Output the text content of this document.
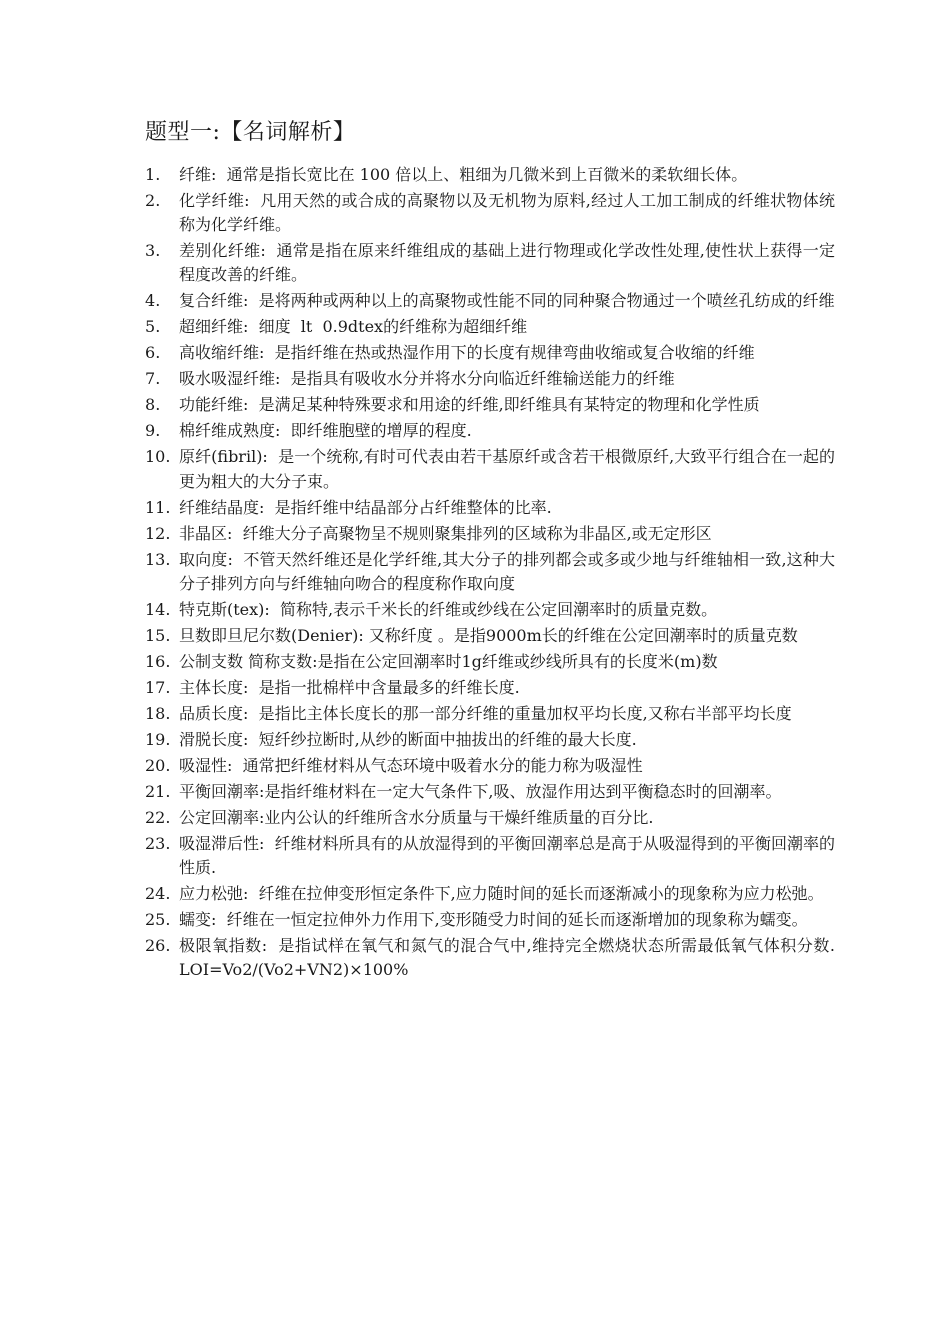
题型一:【名词解析】
1 .	纤维:  通常是指长宽比在 100 倍以上、粗细为几微米到上百微米的柔软细长体。
2 .	化学纤维:  凡用天然的或合成的高聚物以及无机物为原料,经过人工加工制成的纤维状物体统称为化学纤维。
3 .	差别化纤维:  通常是指在原来纤维组成的基础上进行物理或化学改性处理,使性状上获得一定程度改善的纤维。
4 .	复合纤维:  是将两种或两种以上的高聚物或性能不同的同种聚合物通过一个喷丝孔纺成的纤维
5 .	超细纤维:  细度  lt  0.9dtex的纤维称为超细纤维
6 .	高收缩纤维:  是指纤维在热或热湿作用下的长度有规律弯曲收缩或复合收缩的纤维
7 .	吸水吸湿纤维:  是指具有吸收水分并将水分向临近纤维输送能力的纤维
8 .	功能纤维:  是满足某种特殊要求和用途的纤维,即纤维具有某特定的物理和化学性质
9 .	棉纤维成熟度:  即纤维胞壁的增厚的程度.
10 . 原纤(fibril):  是一个统称,有时可代表由若干基原纤或含若干根微原纤,大致平行组合在一起的更为粗大的大分子束。
11 . 纤维结晶度:  是指纤维中结晶部分占纤维整体的比率.
12 . 非晶区:  纤维大分子高聚物呈不规则聚集排列的区域称为非晶区,或无定形区
13 . 取向度:  不管天然纤维还是化学纤维,其大分子的排列都会或多或少地与纤维轴相一致,这种大分子排列方向与纤维轴向吻合的程度称作取向度
14 . 特克斯(tex):  简称特,表示千米长的纤维或纱线在公定回潮率时的质量克数。
15 . 旦数即旦尼尔数(Denier): 又称纤度 。是指9000m长的纤维在公定回潮率时的质量克数
16 . 公制支数 简称支数:是指在公定回潮率时1g纤维或纱线所具有的长度米(m)数
17 . 主体长度:  是指一批棉样中含量最多的纤维长度.
18 . 品质长度:  是指比主体长度长的那一部分纤维的重量加权平均长度,又称右半部平均长度
19 . 滑脱长度:  短纤纱拉断时,从纱的断面中抽拔出的纤维的最大长度.
20 . 吸湿性:  通常把纤维材料从气态环境中吸着水分的能力称为吸湿性
21 . 平衡回潮率:是指纤维材料在一定大气条件下,吸、放湿作用达到平衡稳态时的回潮率。
22 . 公定回潮率:业内公认的纤维所含水分质量与干燥纤维质量的百分比.
23 . 吸湿滞后性:  纤维材料所具有的从放湿得到的平衡回潮率总是高于从吸湿得到的平衡回潮率的性质.
24 . 应力松弛:  纤维在拉伸变形恒定条件下,应力随时间的延长而逐渐减小的现象称为应力松弛。
25 . 蠕变:  纤维在一恒定拉伸外力作用下,变形随受力时间的延长而逐渐增加的现象称为蠕变。
26 . 极限氧指数:  是指试样在氧气和氮气的混合气中,维持完全燃烧状态所需最低氧气体积分数.  LOI=Vo2/(Vo2+VN2)×100%
